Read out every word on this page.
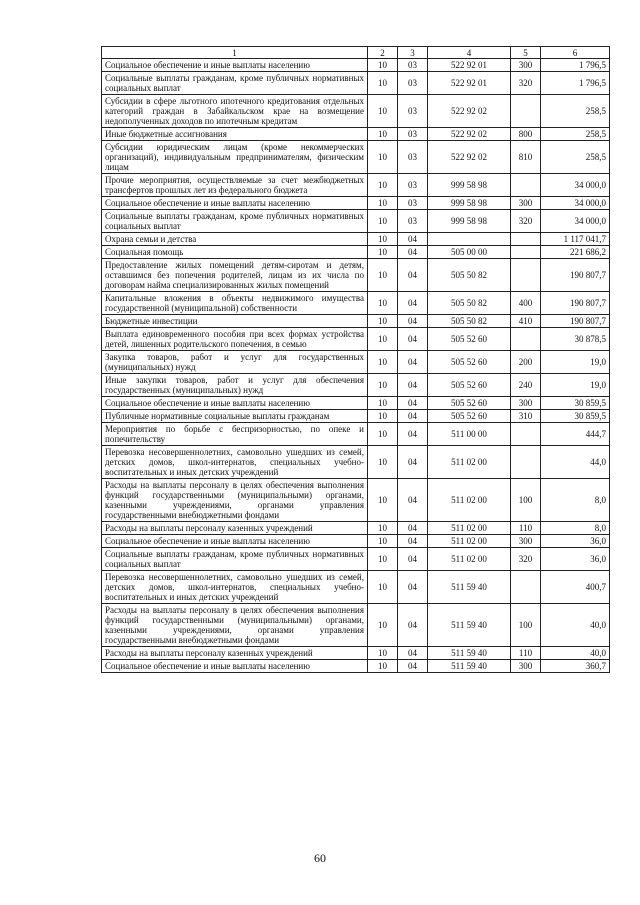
1	2	3	4	5	6
Социальное обеспечение и иные выплаты населению	10	03	522 92 01	300	1 796,5
Социальные выплаты гражданам, кроме публичных нормативных социальных выплат	10	03	522 92 01	320	1 796,5
Субсидии в сфере льготного ипотечного кредитования отдельных категорий граждан в Забайкальском крае на возмещение недополученных доходов по ипотечным кредитам	10	03	522 92 02		258,5
Иные бюджетные ассигнования	10	03	522 92 02	800	258,5
Субсидии юридическим лицам (кроме некоммерческих организаций), индивидуальным предпринимателям, физическим лицам	10	03	522 92 02	810	258,5
Прочие мероприятия, осуществляемые за счет межбюджетных трансфертов прошлых лет из федерального бюджета	10	03	999 58 98		34 000,0
Социальное обеспечение и иные выплаты населению	10	03	999 58 98	300	34 000,0
Социальные выплаты гражданам, кроме публичных нормативных социальных выплат	10	03	999 58 98	320	34 000,0
Охрана семьи и детства	10	04			1 117 041,7
Социальная помощь	10	04	505 00 00		221 686,2
Предоставление жилых помещений детям-сиротам и детям, оставшимся без попечения родителей, лицам из их числа по договорам найма специализированных жилых помещений	10	04	505 50 82		190 807,7
Капитальные вложения в объекты недвижимого имущества государственной (муниципальной) собственности	10	04	505 50 82	400	190 807,7
Бюджетные инвестиции	10	04	505 50 82	410	190 807,7
Выплата единовременного пособия при всех формах устройства детей, лишенных родительского попечения, в семью	10	04	505 52 60		30 878,5
Закупка товаров, работ и услуг для государственных (муниципальных) нужд	10	04	505 52 60	200	19,0
Иные закупки товаров, работ и услуг для обеспечения государственных (муниципальных) нужд	10	04	505 52 60	240	19,0
Социальное обеспечение и иные выплаты населению	10	04	505 52 60	300	30 859,5
Публичные нормативные социальные выплаты гражданам	10	04	505 52 60	310	30 859,5
Мероприятия по борьбе с беспризорностью, по опеке и попечительству	10	04	511 00 00		444,7
Перевозка несовершеннолетних, самовольно ушедших из семей, детских домов, школ-интернатов, специальных учебно-воспитательных и иных детских учреждений	10	04	511 02 00		44,0
Расходы на выплаты персоналу в целях обеспечения выполнения функций государственными (муниципальными) органами, казенными учреждениями, органами управления государственными внебюджетными фондами	10	04	511 02 00	100	8,0
Расходы на выплаты персоналу казенных учреждений	10	04	511 02 00	110	8,0
Социальное обеспечение и иные выплаты населению	10	04	511 02 00	300	36,0
Социальные выплаты гражданам, кроме публичных нормативных социальных выплат	10	04	511 02 00	320	36,0
Перевозка несовершеннолетних, самовольно ушедших из семей, детских домов, школ-интернатов, специальных учебно-воспитательных и иных детских учреждений	10	04	511 59 40		400,7
Расходы на выплаты персоналу в целях обеспечения выполнения функций государственными (муниципальными) органами, казенными учреждениями, органами управления государственными внебюджетными фондами	10	04	511 59 40	100	40,0
Расходы на выплаты персоналу казенных учреждений	10	04	511 59 40	110	40,0
Социальное обеспечение и иные выплаты населению	10	04	511 59 40	300	360,7
60
